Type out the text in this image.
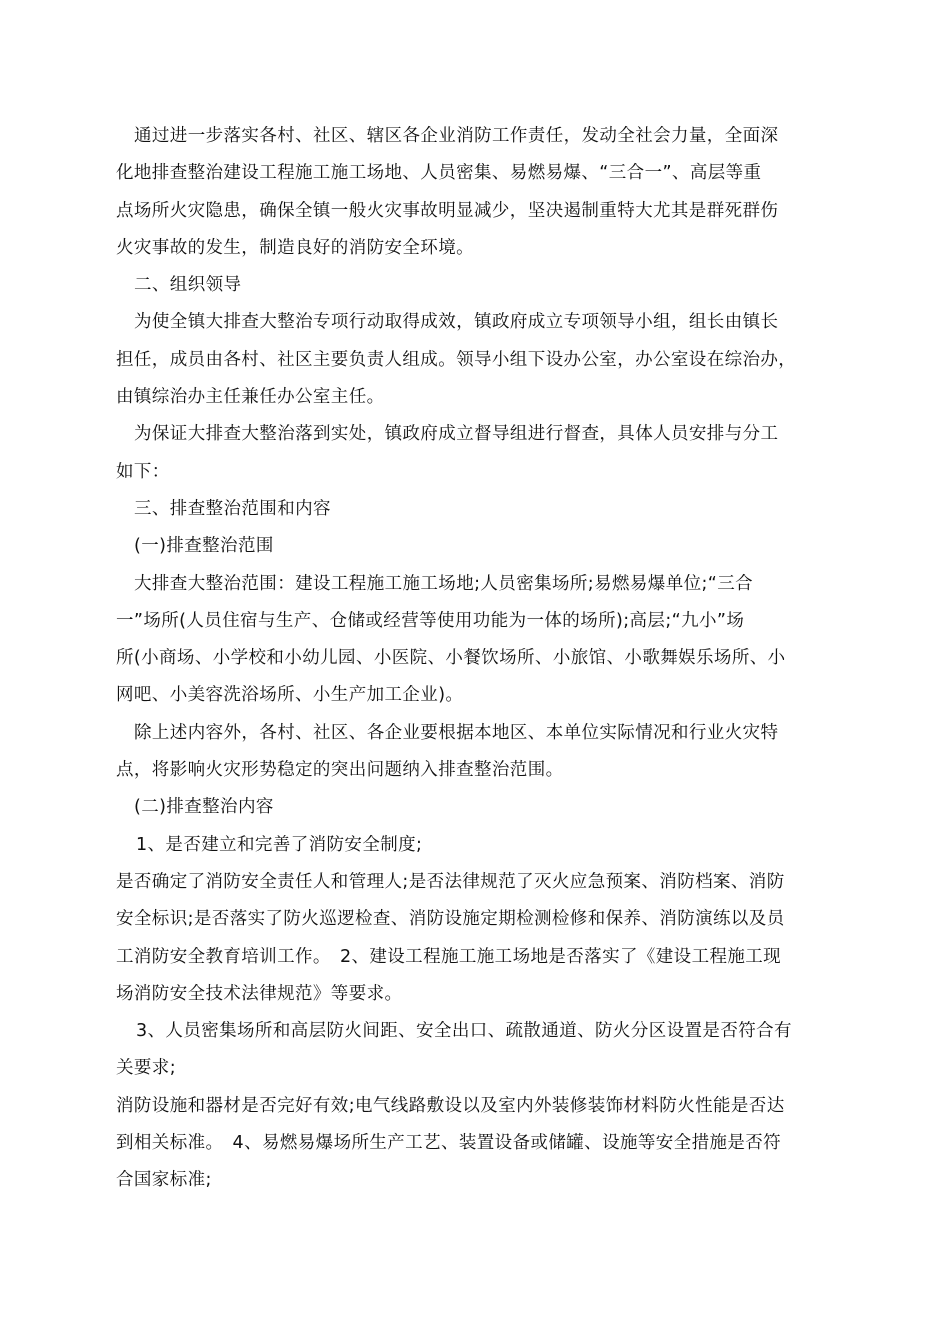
通过进一步落实各村、社区、辖区各企业消防工作责任，发动全社会力量，全面深
化地排查整治建设工程施工施工场地、人员密集、易燃易爆、“三合一”、高层等重
点场所火灾隐患，确保全镇一般火灾事故明显减少，坚决遏制重特大尤其是群死群伤
火灾事故的发生，制造良好的消防安全环境。
二、组织领导
为使全镇大排查大整治专项行动取得成效，镇政府成立专项领导小组，组长由镇长
担任，成员由各村、社区主要负责人组成。领导小组下设办公室，办公室设在综治办，
由镇综治办主任兼任办公室主任。
为保证大排查大整治落到实处，镇政府成立督导组进行督查，具体人员安排与分工
如下：
三、排查整治范围和内容
(一)排查整治范围
大排查大整治范围：建设工程施工施工场地;人员密集场所;易燃易爆单位;“三合
一”场所(人员住宿与生产、仓储或经营等使用功能为一体的场所);高层;“九小”场
所(小商场、小学校和小幼儿园、小医院、小餐饮场所、小旅馆、小歌舞娱乐场所、小
网吧、小美容洗浴场所、小生产加工企业)。
除上述内容外，各村、社区、各企业要根据本地区、本单位实际情况和行业火灾特
点，将影响火灾形势稳定的突出问题纳入排查整治范围。
(二)排查整治内容
1、是否建立和完善了消防安全制度;
是否确定了消防安全责任人和管理人;是否法律规范了灭火应急预案、消防档案、消防
安全标识;是否落实了防火巡逻检查、消防设施定期检测检修和保养、消防演练以及员
工消防安全教育培训工作。　2、建设工程施工施工场地是否落实了《建设工程施工现
场消防安全技术法律规范》等要求。
3、人员密集场所和高层防火间距、安全出口、疏散通道、防火分区设置是否符合有
关要求;
消防设施和器材是否完好有效;电气线路敷设以及室内外装修装饰材料防火性能是否达
到相关标准。　4、易燃易爆场所生产工艺、装置设备或储罐、设施等安全措施是否符
合国家标准;
